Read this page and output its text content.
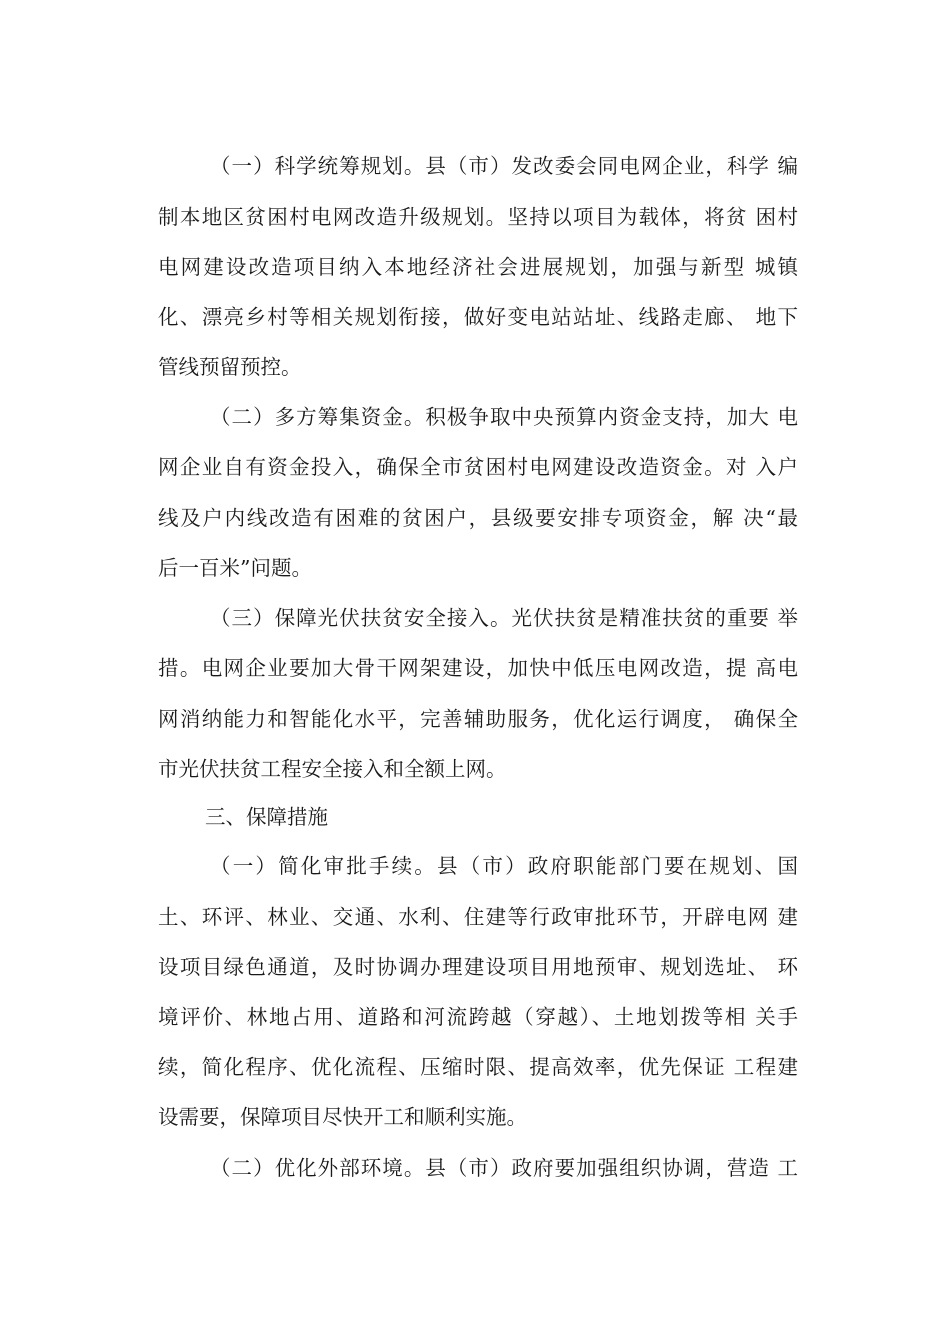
（一）科学统筹规划。县（市）发改委会同电网企业，科学 编
制本地区贫困村电网改造升级规划。坚持以项目为载体，将贫 困村
电网建设改造项目纳入本地经济社会进展规划，加强与新型 城镇
化、漂亮乡村等相关规划衔接，做好变电站站址、线路走廊、 地下
管线预留预控。
（二）多方筹集资金。积极争取中央预算内资金支持，加大 电
网企业自有资金投入，确保全市贫困村电网建设改造资金。对 入户
线及户内线改造有困难的贫困户，县级要安排专项资金，解 决“最
后一百米”问题。
（三）保障光伏扶贫安全接入。光伏扶贫是精准扶贫的重要 举
措。电网企业要加大骨干网架建设，加快中低压电网改造，提 高电
网消纳能力和智能化水平，完善辅助服务，优化运行调度， 确保全
市光伏扶贫工程安全接入和全额上网。
三、保障措施
（一）简化审批手续。县（市）政府职能部门要在规划、国
土、环评、林业、交通、水利、住建等行政审批环节，开辟电网 建
设项目绿色通道，及时协调办理建设项目用地预审、规划选址、 环
境评价、林地占用、道路和河流跨越（穿越）、土地划拨等相 关手
续，简化程序、优化流程、压缩时限、提高效率，优先保证 工程建
设需要，保障项目尽快开工和顺利实施。
（二）优化外部环境。县（市）政府要加强组织协调，营造 工
